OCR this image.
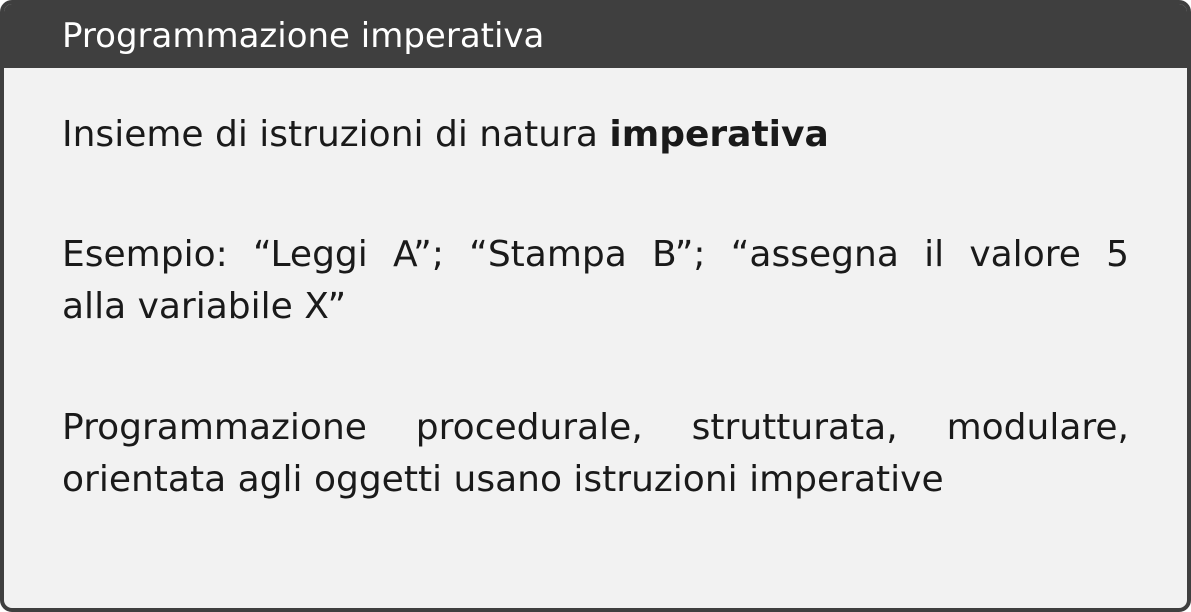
Programmazione imperativa

Insieme di istruzioni di natura imperativa

Esempio: “Leggi A”; “Stampa B”; “assegna il valore 5
alla variabile X”

Programmazione procedurale, strutturata, modulare,
orientata agli oggetti usano istruzioni imperative
